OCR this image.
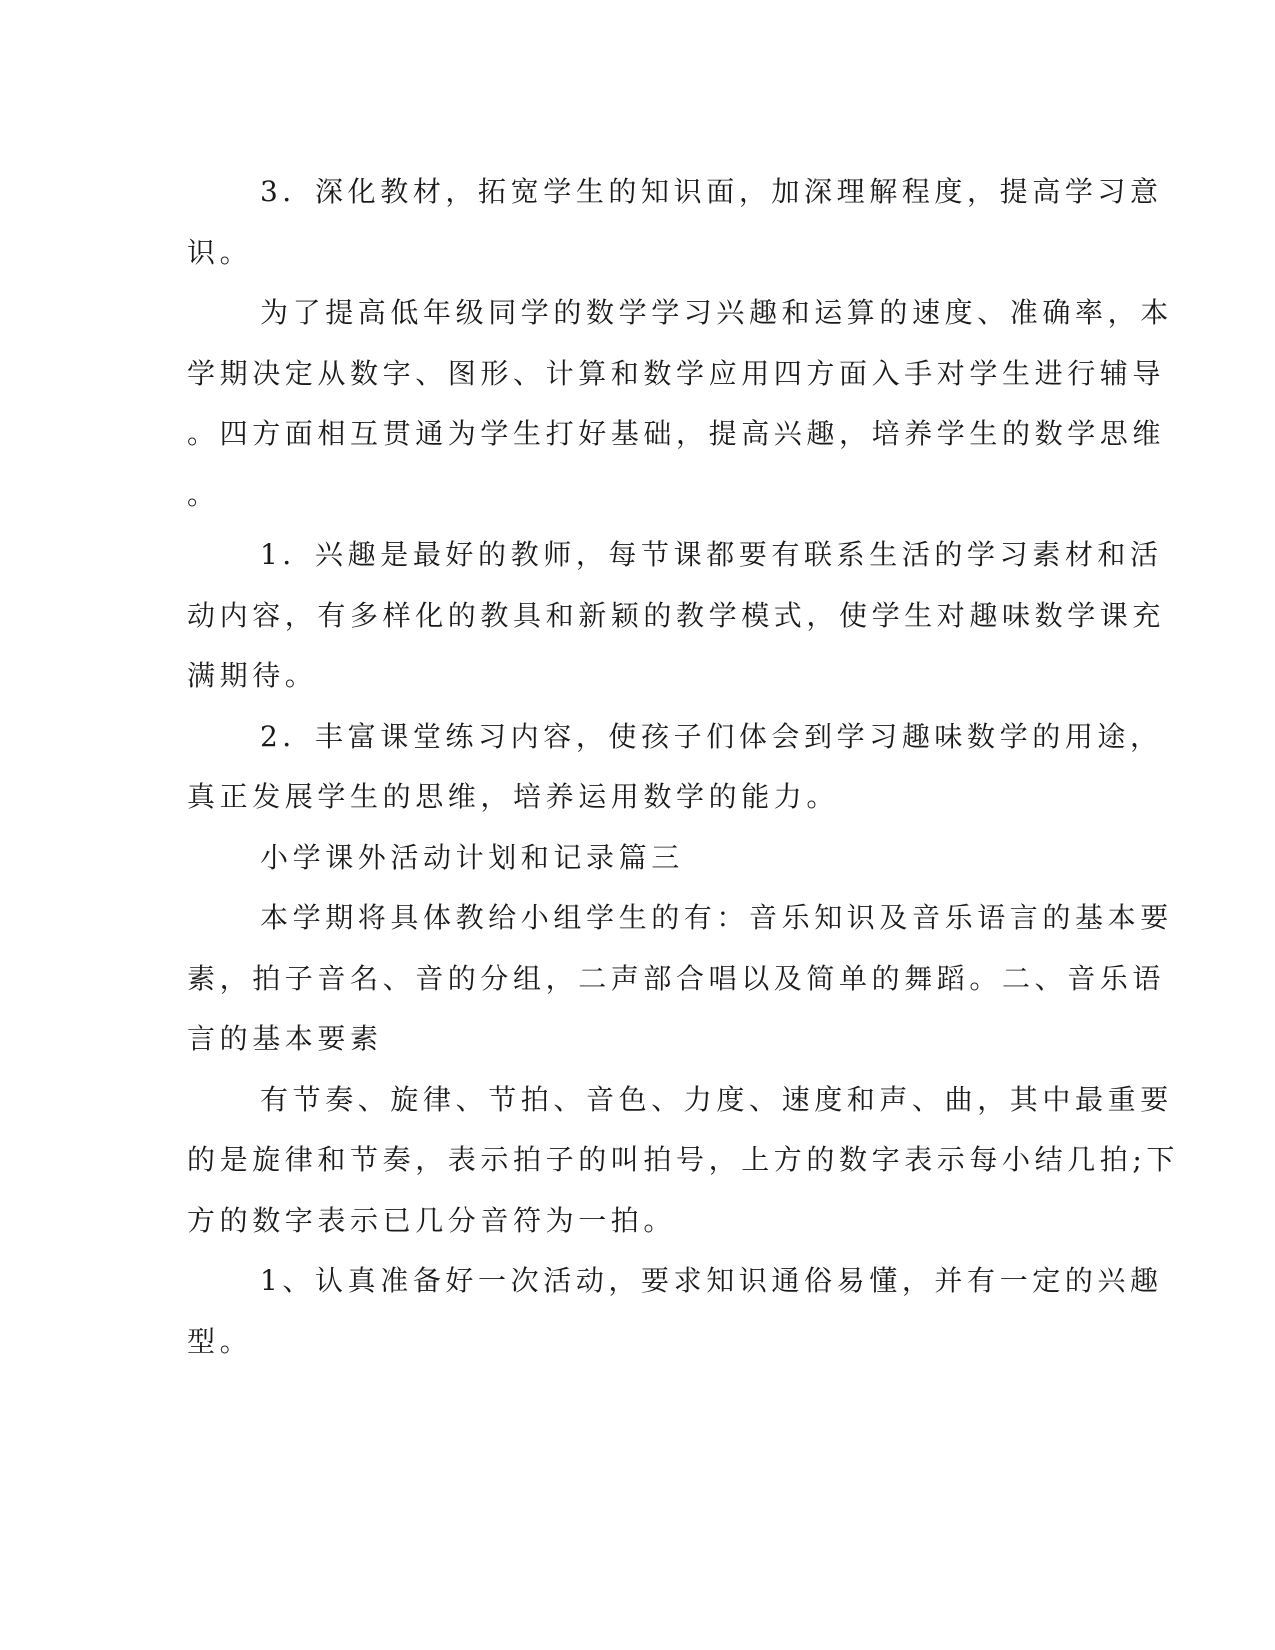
3．深化教材，拓宽学生的知识面，加深理解程度，提高学习意
识。
为了提高低年级同学的数学学习兴趣和运算的速度、准确率，本
学期决定从数字、图形、计算和数学应用四方面入手对学生进行辅导
。四方面相互贯通为学生打好基础，提高兴趣，培养学生的数学思维
。
1．兴趣是最好的教师，每节课都要有联系生活的学习素材和活
动内容，有多样化的教具和新颖的教学模式，使学生对趣味数学课充
满期待。
2．丰富课堂练习内容，使孩子们体会到学习趣味数学的用途，
真正发展学生的思维，培养运用数学的能力。
小学课外活动计划和记录篇三
本学期将具体教给小组学生的有：音乐知识及音乐语言的基本要
素，拍子音名、音的分组，二声部合唱以及简单的舞蹈。二、音乐语
言的基本要素
有节奏、旋律、节拍、音色、力度、速度和声、曲，其中最重要
的是旋律和节奏，表示拍子的叫拍号，上方的数字表示每小结几拍;下
方的数字表示已几分音符为一拍。
1、认真准备好一次活动，要求知识通俗易懂，并有一定的兴趣
型。
